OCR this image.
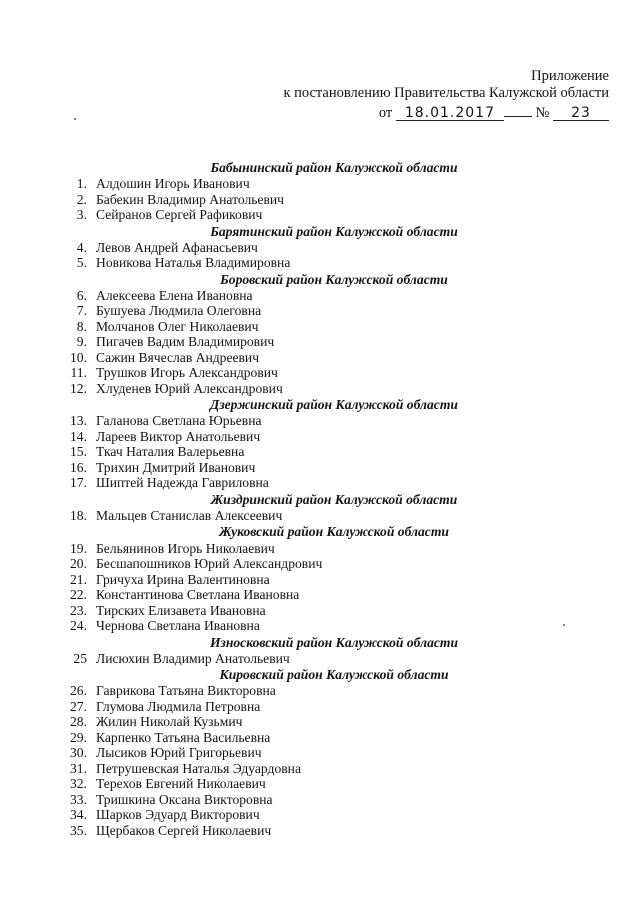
Приложение
к постановлению Правительства Калужской области
от 18.01.2017	№ 23
Бабынинский район Калужской области
1. Алдошин Игорь Иванович
2. Бабекин Владимир Анатольевич
3. Сейранов Сергей Рафикович
Барятинский район Калужской области
4. Левов Андрей Афанасьевич
5. Новикова Наталья Владимировна
Боровский район Калужской области
6. Алексеева Елена Ивановна
7. Бушуева Людмила Олеговна
8. Молчанов Олег Николаевич
9. Пигачев Вадим Владимирович
10. Сажин Вячеслав Андреевич
11. Трушков Игорь Александрович
12. Хлуденев Юрий Александрович
Дзержинский район Калужской области
13. Галанова Светлана Юрьевна
14. Лареев Виктор Анатольевич
15. Ткач Наталия Валерьевна
16. Трихин Дмитрий Иванович
17. Шиптей Надежда Гавриловна
Жиздринский район Калужской области
18. Мальцев Станислав Алексеевич
Жуковский район Калужской области
19. Бельянинов Игорь Николаевич
20. Бесшапошников Юрий Александрович
21. Гричуха Ирина Валентиновна
22. Константинова Светлана Ивановна
23. Тирских Елизавета Ивановна
24. Чернова Светлана Ивановна
Износковский район Калужской области
25 Лисюхин Владимир Анатольевич
Кировский район Калужской области
26. Гаврикова Татьяна Викторовна
27. Глумова Людмила Петровна
28. Жилин Николай Кузьмич
29. Карпенко Татьяна Васильевна
30. Лысиков Юрий Григорьевич
31. Петрушевская Наталья Эдуардовна
32. Терехов Евгений Николаевич
33. Тришкина Оксана Викторовна
34. Шарков Эдуард Викторович
35. Щербаков Сергей Николаевич
